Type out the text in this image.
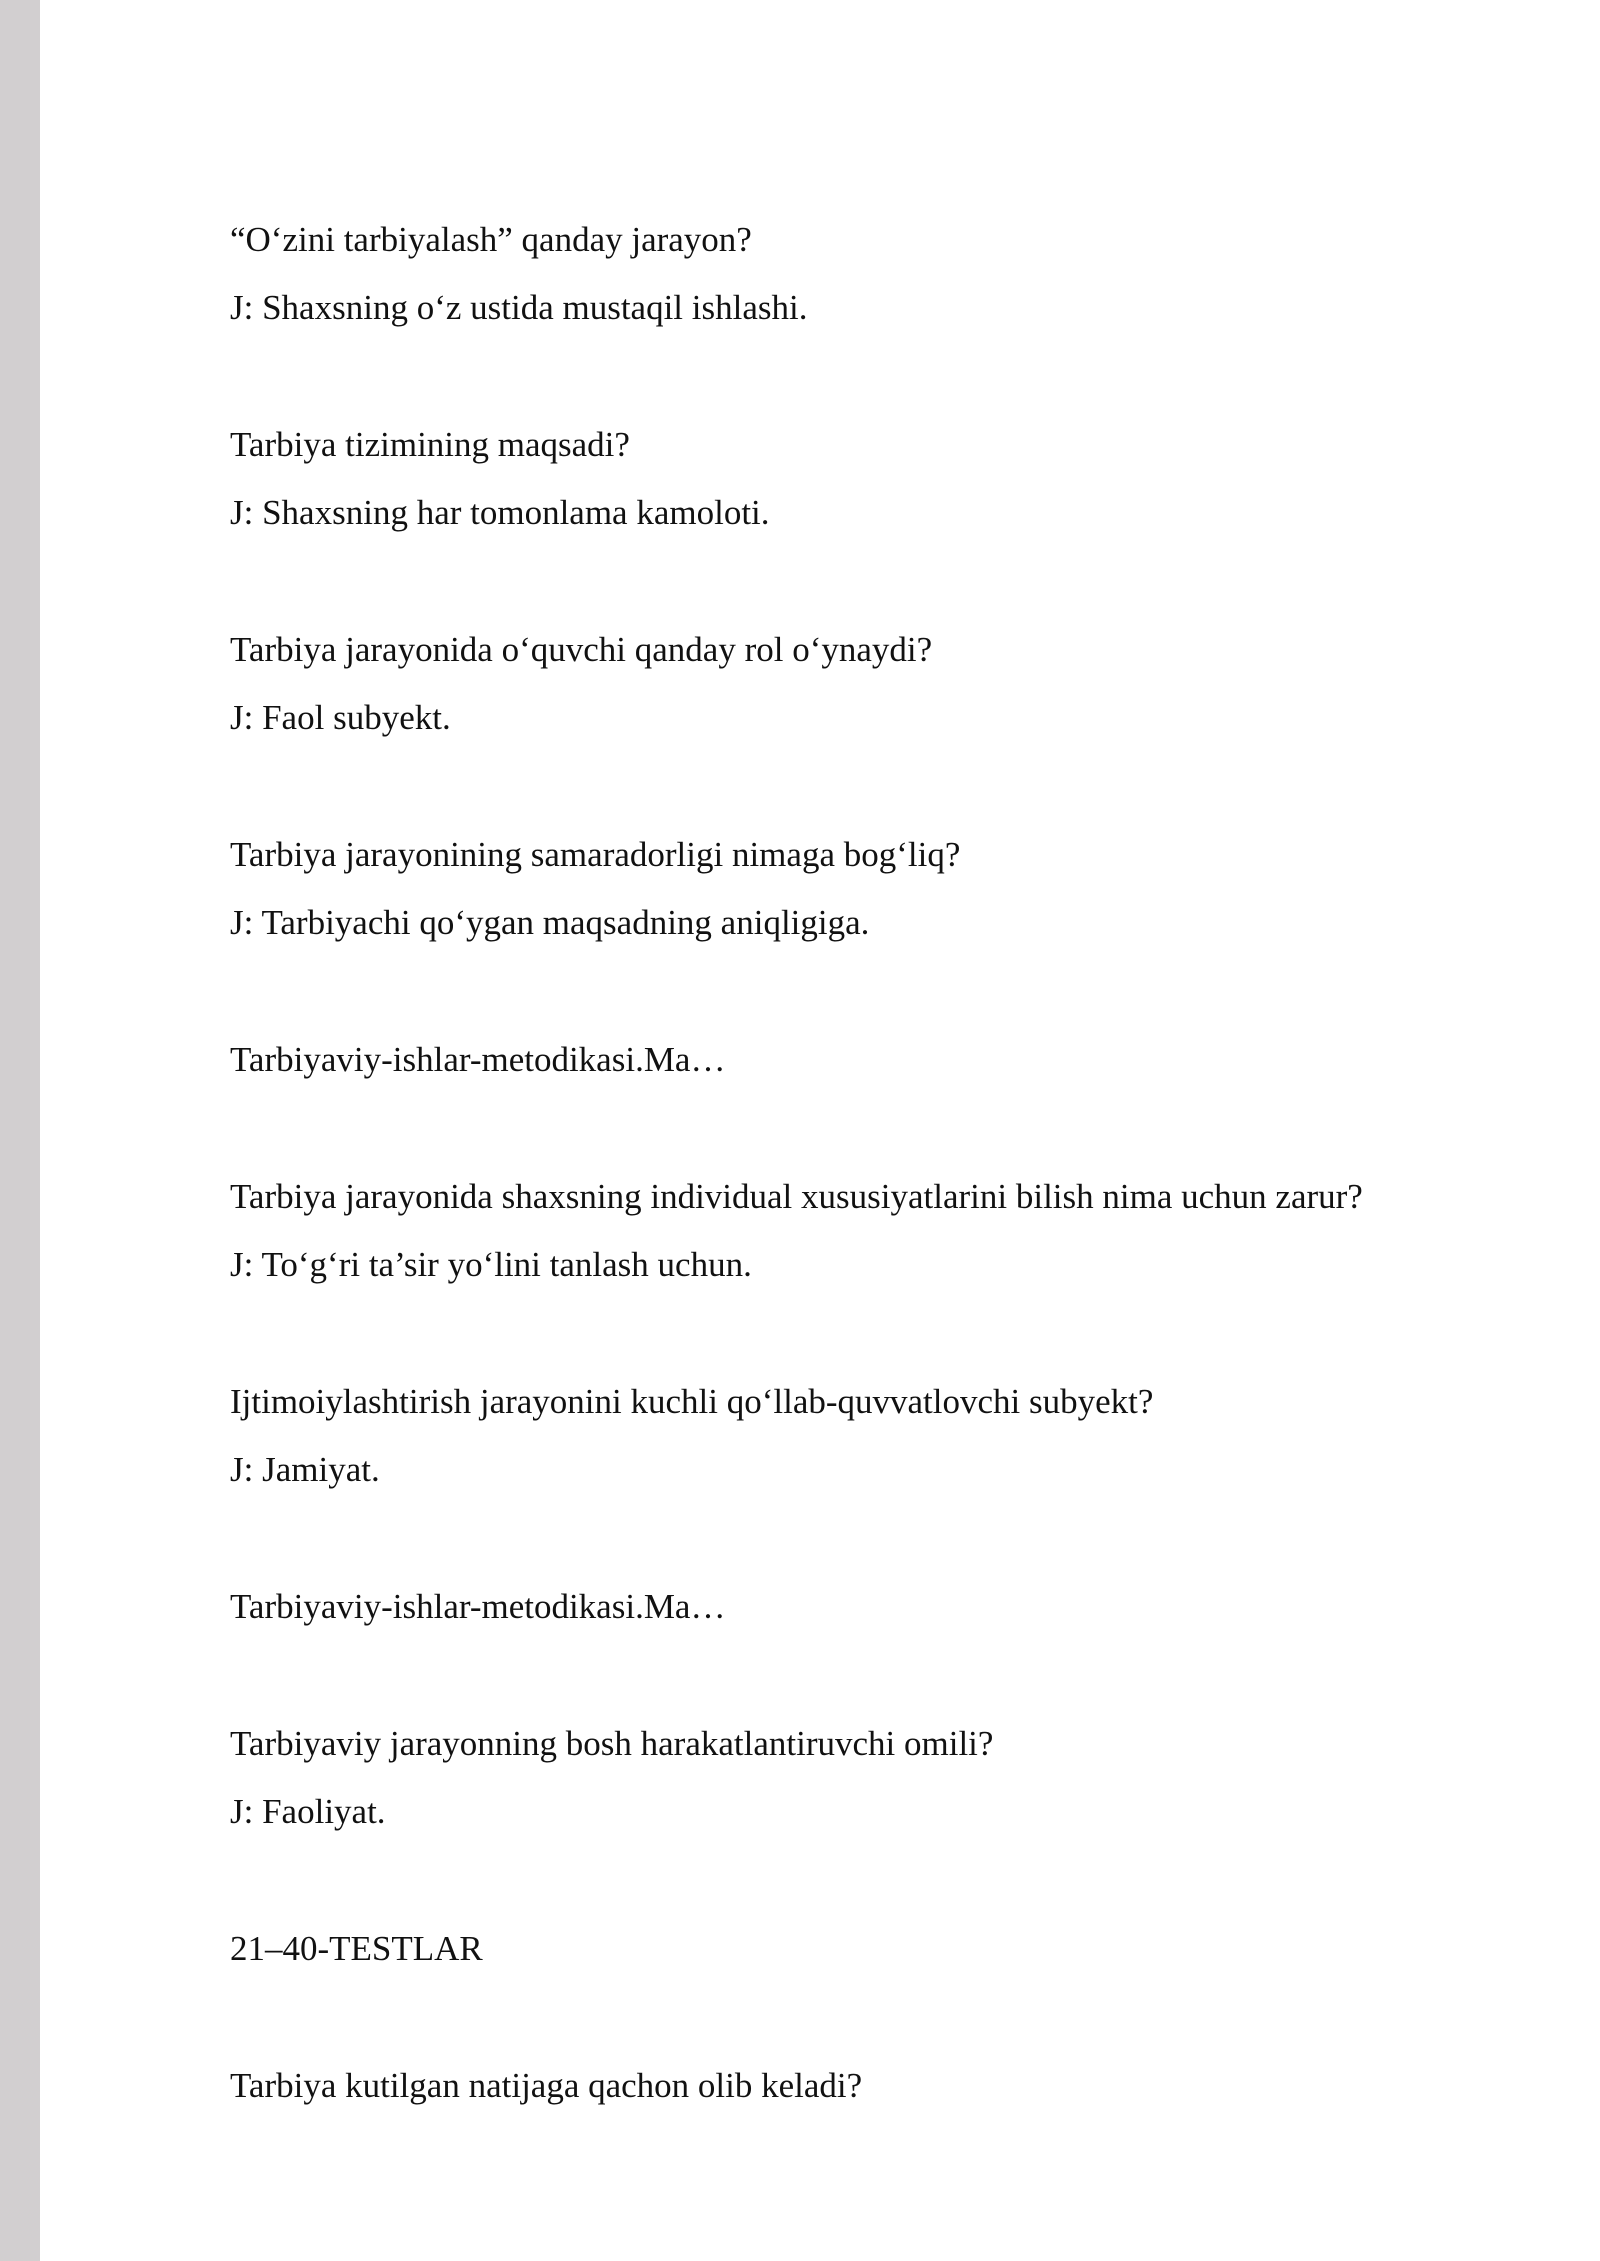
“O‘zini tarbiyalash” qanday jarayon?
J: Shaxsning o‘z ustida mustaqil ishlashi.
Tarbiya tizimining maqsadi?
J: Shaxsning har tomonlama kamoloti.
Tarbiya jarayonida o‘quvchi qanday rol o‘ynaydi?
J: Faol subyekt.
Tarbiya jarayonining samaradorligi nimaga bog‘liq?
J: Tarbiyachi qo‘ygan maqsadning aniqligiga.
Tarbiyaviy-ishlar-metodikasi.Ma…
Tarbiya jarayonida shaxsning individual xususiyatlarini bilish nima uchun zarur?
J: To‘g‘ri ta’sir yo‘lini tanlash uchun.
Ijtimoiylashtirish jarayonini kuchli qo‘llab-quvvatlovchi subyekt?
J: Jamiyat.
Tarbiyaviy-ishlar-metodikasi.Ma…
Tarbiyaviy jarayonning bosh harakatlantiruvchi omili?
J: Faoliyat.
21–40-TESTLAR
Tarbiya kutilgan natijaga qachon olib keladi?
